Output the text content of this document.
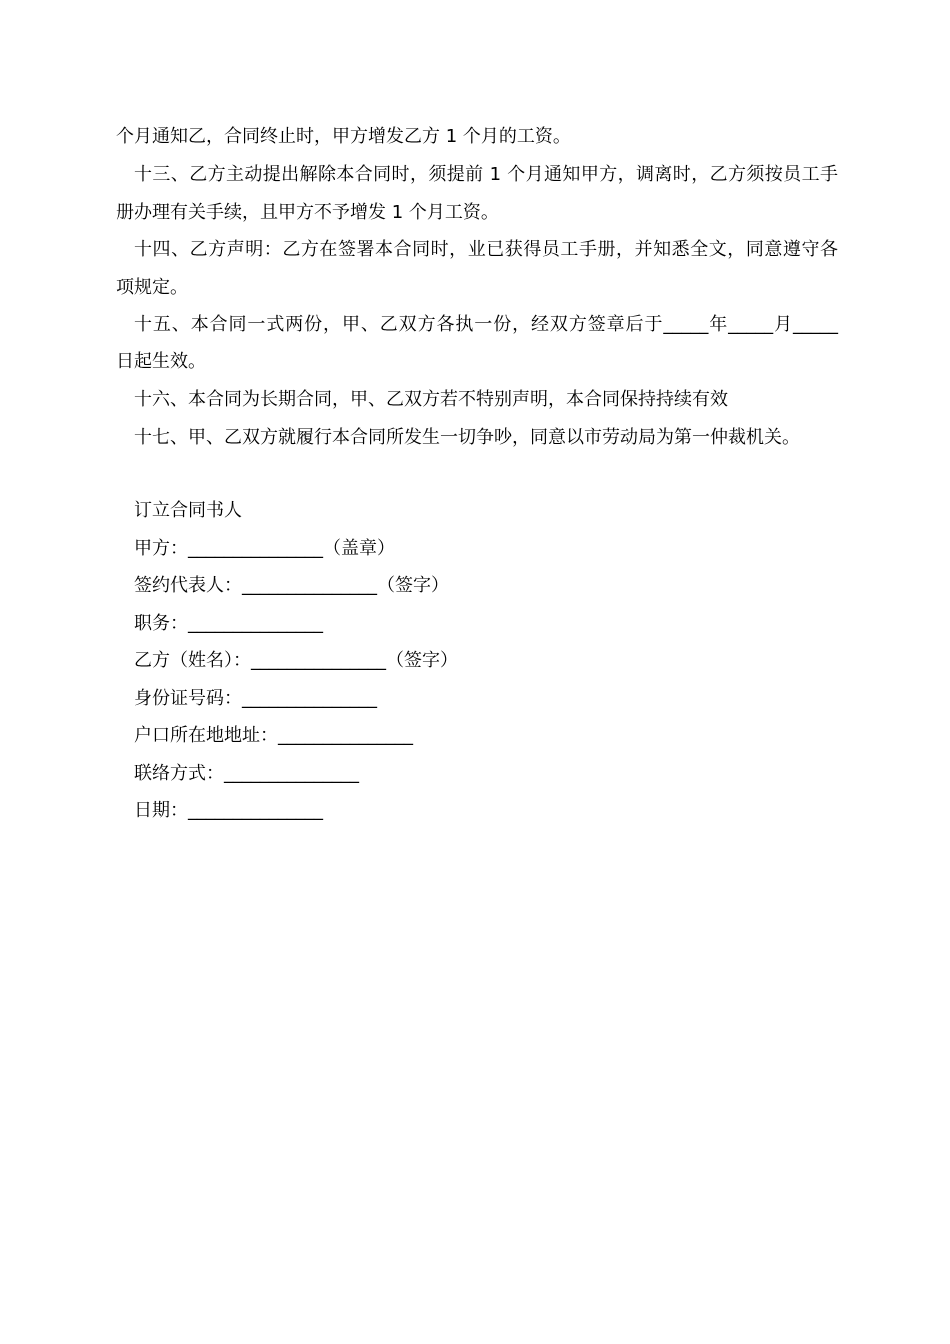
个月通知乙，合同终止时，甲方增发乙方 1 个月的工资。
十三、乙方主动提出解除本合同时，须提前 1 个月通知甲方，调离时，乙方须按员工手
册办理有关手续，且甲方不予增发 1 个月工资。
十四、乙方声明：乙方在签署本合同时，业已获得员工手册，并知悉全文，同意遵守各
项规定。
十五、本合同一式两份，甲、乙双方各执一份，经双方签章后于_____年_____月_____
日起生效。
十六、本合同为长期合同，甲、乙双方若不特别声明，本合同保持持续有效
十七、甲、乙双方就履行本合同所发生一切争吵，同意以市劳动局为第一仲裁机关。
订立合同书人
甲方：_______________（盖章）
签约代表人：_______________（签字）
职务：_______________
乙方（姓名）：_______________（签字）
身份证号码：_______________
户口所在地地址：_______________
联络方式：_______________
日期：_______________
